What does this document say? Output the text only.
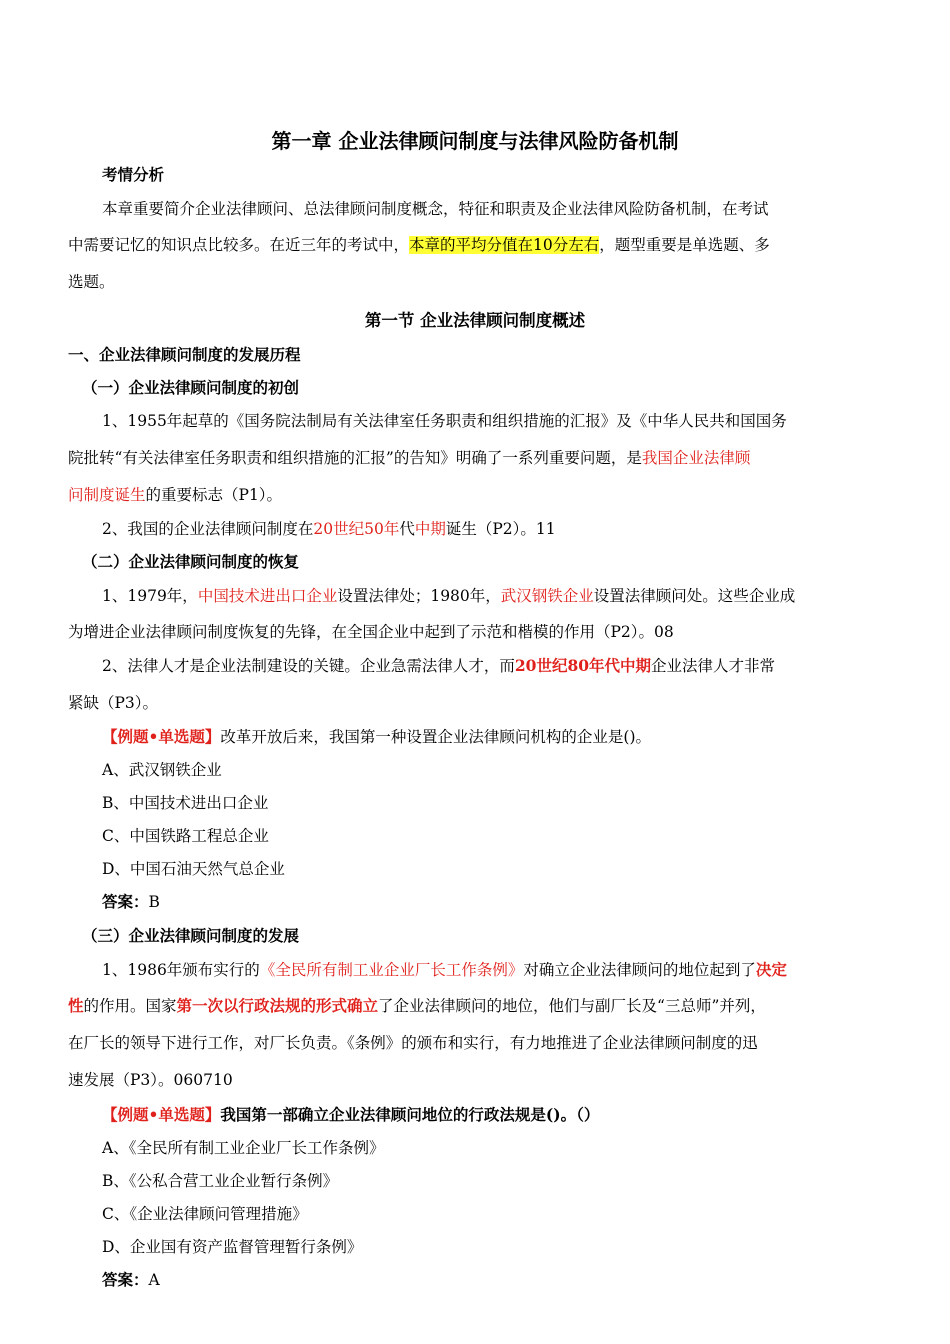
第一章 企业法律顾问制度与法律风险防备机制
考情分析
本章重要简介企业法律顾问、总法律顾问制度概念，特征和职责及企业法律风险防备机制，在考试
中需要记忆的知识点比较多。在近三年的考试中，本章的平均分值在10分左右，题型重要是单选题、多
选题。
第一节 企业法律顾问制度概述
一、企业法律顾问制度的发展历程
（一）企业法律顾问制度的初创
1、1955年起草的《国务院法制局有关法律室任务职责和组织措施的汇报》及《中华人民共和国国务
院批转“有关法律室任务职责和组织措施的汇报”的告知》明确了一系列重要问题，是我国企业法律顾
问制度诞生的重要标志（P1）。
2、我国的企业法律顾问制度在20世纪50年代中期诞生（P2）。11
（二）企业法律顾问制度的恢复
1、1979年，中国技术进出口企业设置法律处；1980年，武汉钢铁企业设置法律顾问处。这些企业成
为增进企业法律顾问制度恢复的先锋，在全国企业中起到了示范和楷模的作用（P2）。08
2、法律人才是企业法制建设的关键。企业急需法律人才，而20世纪80年代中期企业法律人才非常
紧缺（P3）。
【例题•单选题】改革开放后来，我国第一种设置企业法律顾问机构的企业是()。
A、武汉钢铁企业
B、中国技术进出口企业
C、中国铁路工程总企业
D、中国石油天然气总企业
答案：B
（三）企业法律顾问制度的发展
1、1986年颁布实行的《全民所有制工业企业厂长工作条例》对确立企业法律顾问的地位起到了决定
性的作用。国家第一次以行政法规的形式确立了企业法律顾问的地位，他们与副厂长及“三总师”并列，
在厂长的领导下进行工作，对厂长负责。《条例》的颁布和实行，有力地推进了企业法律顾问制度的迅
速发展（P3）。060710
【例题•单选题】我国第一部确立企业法律顾问地位的行政法规是()。（）
A、《全民所有制工业企业厂长工作条例》
B、《公私合营工业企业暂行条例》
C、《企业法律顾问管理措施》
D、企业国有资产监督管理暂行条例》
答案：A
